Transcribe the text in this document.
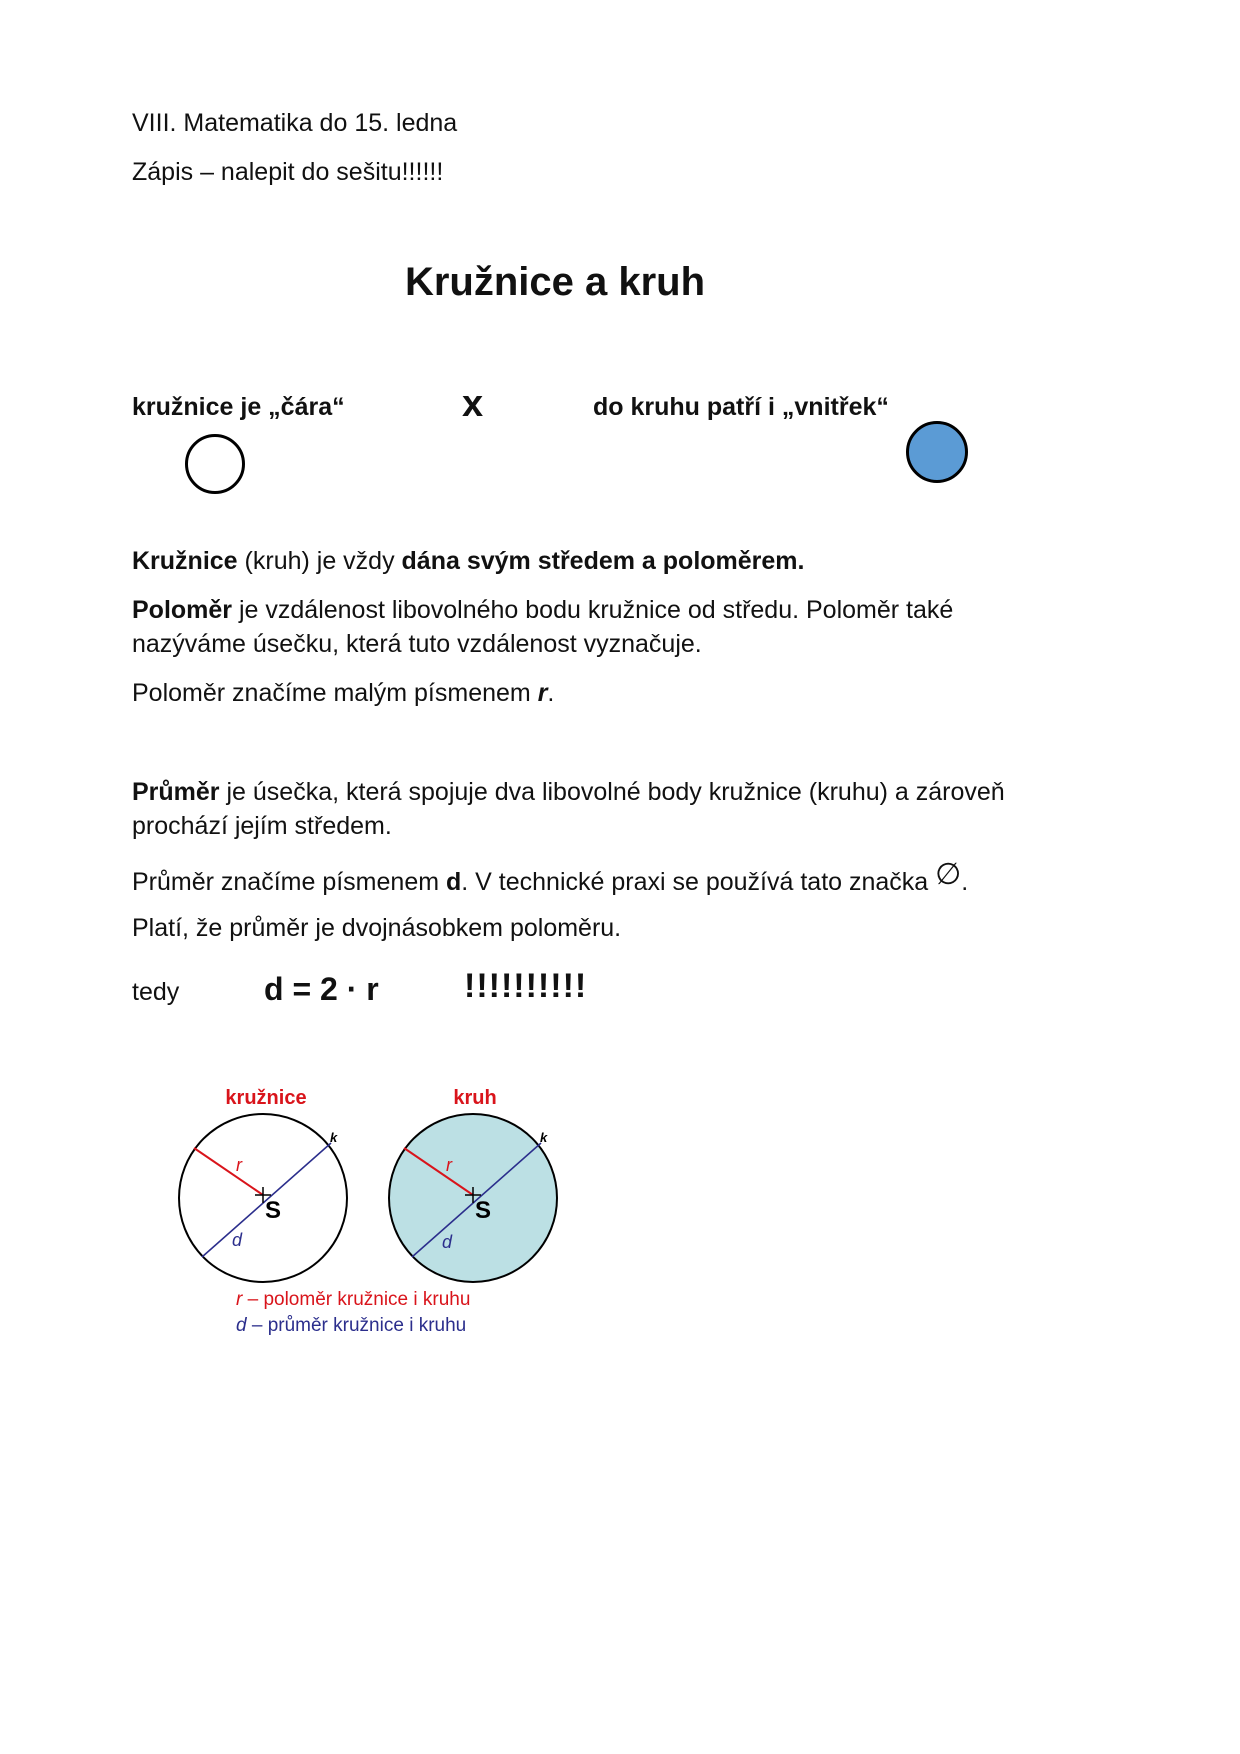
VIII. Matematika do 15. ledna
Zápis – nalepit do sešitu!!!!!!
Kružnice a kruh
kružnice je „čára“	x	do kruhu patří i „vnitřek“
Kružnice (kruh) je vždy dána svým středem a poloměrem.
Poloměr je vzdálenost libovolného bodu kružnice od středu. Poloměr také
nazýváme úsečku, která tuto vzdálenost vyznačuje.
Poloměr značíme malým písmenem r.
Průměr je úsečka, která spojuje dva libovolné body kružnice (kruhu) a zároveň
prochází jejím středem.
Průměr značíme písmenem d. V technické praxi se používá tato značka ∅.
Platí, že průměr je dvojnásobkem poloměru.
tedy	d = 2 · r	!!!!!!!!!!
kružnice
r
S
d
k
kruh
r
S
d
k
r – poloměr kružnice i kruhu
d – průměr kružnice i kruhu
